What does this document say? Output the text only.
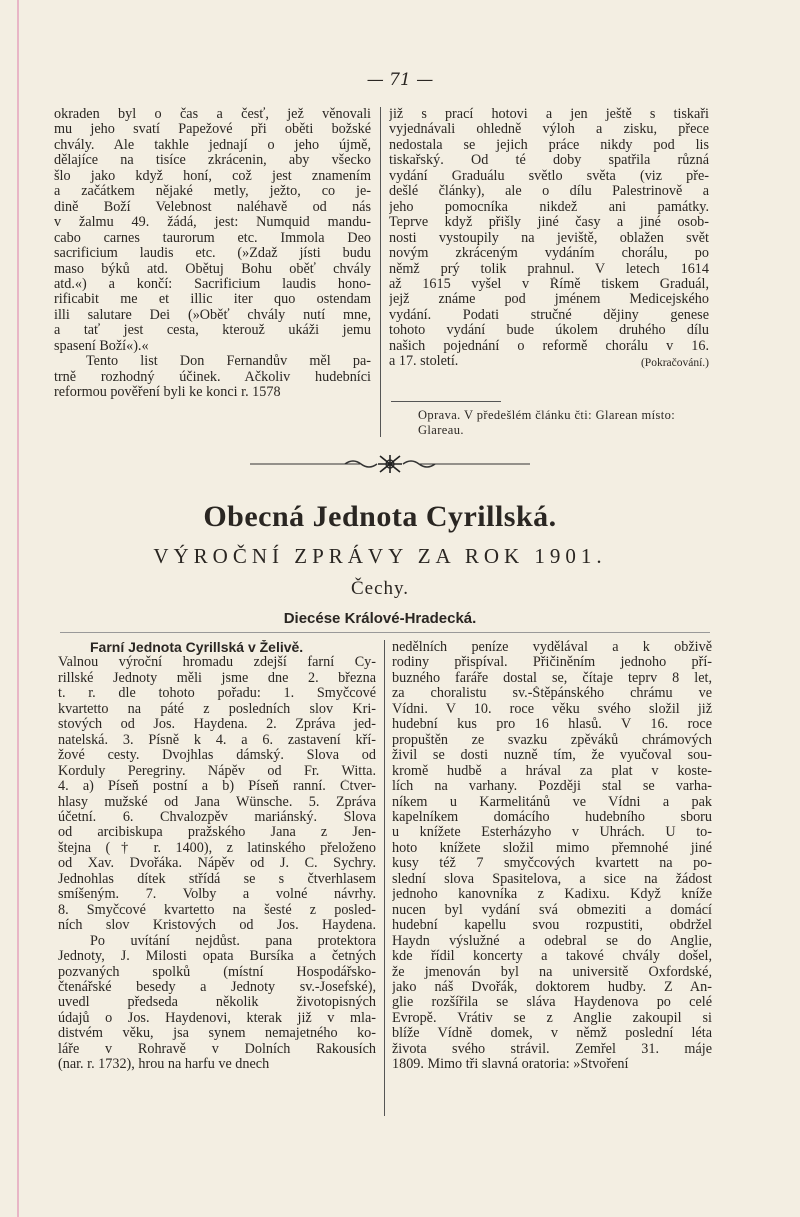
— 71 —
okraden byl o čas a česť, jež věnovali
mu jeho svatí Papežové při oběti božské
chvály. Ale takhle jednají o jeho újmě,
dělajíce na tisíce zkrácenin, aby všecko
šlo jako když honí, což jest znamením
a začátkem nějaké metly, ježto, co je-
dině Boží Velebnost naléhavě od nás
v žalmu 49. žádá, jest: Numquid mandu-
cabo carnes taurorum etc. Immola Deo
sacrificium laudis etc. (»Zdaž jísti budu
maso býků atd. Obětuj Bohu oběť chvály
atd.«) a končí: Sacrificium laudis hono-
rificabit me et illic iter quo ostendam
illi salutare Dei (»Oběť chvály nutí mne,
a tať jest cesta, kterouž ukáži jemu
spasení Boží«).«
Tento list Don Fernandův měl pa-
trně rozhodný účinek. Ačkoliv hudebníci
reformou pověření byli ke konci r. 1578
již s prací hotovi a jen ještě s tiskaři
vyjednávali ohledně výloh a zisku, přece
nedostala se jejich práce nikdy pod lis
tiskařský. Od té doby spatřila různá
vydání Graduálu světlo světa (viz pře-
dešlé články), ale o dílu Palestrinově a
jeho pomocníka nikdež ani památky.
Teprve když přišly jiné časy a jiné osob-
nosti vystoupily na jeviště, oblažen svět
novým zkráceným vydáním chorálu, po
němž prý tolik prahnul. V letech 1614
až 1615 vyšel v Římě tiskem Graduál,
jejž známe pod jménem Medicejského
vydání. Podati stručné dějiny genese
tohoto vydání bude úkolem druhého dílu
našich pojednání o reformě chorálu v 16.
a 17. století.	(Pokračování.)
Oprava. V předešlém článku čti: Glarean místo: Glareau.
Obecná Jednota Cyrillská.
VÝROČNÍ ZPRÁVY ZA ROK 1901.
Čechy.
Diecése Králové-Hradecká.
Farní Jednota Cyrillská v Želivě.
Valnou výroční hromadu zdejší farní Cy-
rillské Jednoty měli jsme dne 2. března
t. r. dle tohoto pořadu: 1. Smyčcové
kvartetto na páté z posledních slov Kri-
stových od Jos. Haydena. 2. Zpráva jed-
natelská. 3. Písně k 4. a 6. zastavení kří-
žové cesty. Dvojhlas dámský. Slova od
Korduly Peregriny. Nápěv od Fr. Witta.
4. a) Píseň postní a b) Píseň ranní. Čtver-
hlasy mužské od Jana Wünsche. 5. Zpráva
účetní. 6. Chvalozpěv mariánský. Slova
od arcibiskupa pražského Jana z Jen-
štejna († r. 1400), z latinského přeloženo
od Xav. Dvořáka. Nápěv od J. C. Sychry.
Jednohlas dítek střídá se s čtverhlasem
smíšeným. 7. Volby a volné návrhy.
8. Smyčcové kvartetto na šesté z posled-
ních slov Kristových od Jos. Haydena.
Po uvítání nejdůst. pana protektora
Jednoty, J. Milosti opata Bursíka a četných
pozvaných spolků (místní Hospodářsko-
čtenářské besedy a Jednoty sv.-Josefské),
uvedl předseda několik životopisných
údajů o Jos. Haydenovi, kterak již v mla-
distvém věku, jsa synem nemajetného ko-
láře v Rohravě v Dolních Rakousích
(nar. r. 1732), hrou na harfu ve dnech
nedělních peníze vydělával a k obživě
rodiny přispíval. Přičiněním jednoho pří-
buzného faráře dostal se, čítaje teprv 8 let,
za choralistu sv.-Štěpánského chrámu ve
Vídni. V 10. roce věku svého složil již
hudební kus pro 16 hlasů. V 16. roce
propuštěn ze svazku zpěváků chrámových
živil se dosti nuzně tím, že vyučoval sou-
kromě hudbě a hrával za plat v koste-
lích na varhany. Později stal se varha-
níkem u Karmelitánů ve Vídni a pak
kapelníkem domácího hudebního sboru
u knížete Esterházyho v Uhrách. U to-
hoto knížete složil mimo přemnohé jiné
kusy též 7 smyčcových kvartett na po-
slední slova Spasitelova, a sice na žádost
jednoho kanovníka z Kadixu. Když kníže
nucen byl vydání svá obmeziti a domácí
hudební kapellu svou rozpustiti, obdržel
Haydn výslužné a odebral se do Anglie,
kde řídil koncerty a takové chvály došel,
že jmenován byl na universitě Oxfordské,
jako náš Dvořák, doktorem hudby. Z An-
glie rozšířila se sláva Haydenova po celé
Evropě. Vrátiv se z Anglie zakoupil si
blíže Vídně domek, v němž poslední léta
života svého strávil. Zemřel 31. máje
1809. Mimo tři slavná oratoria: »Stvoření
